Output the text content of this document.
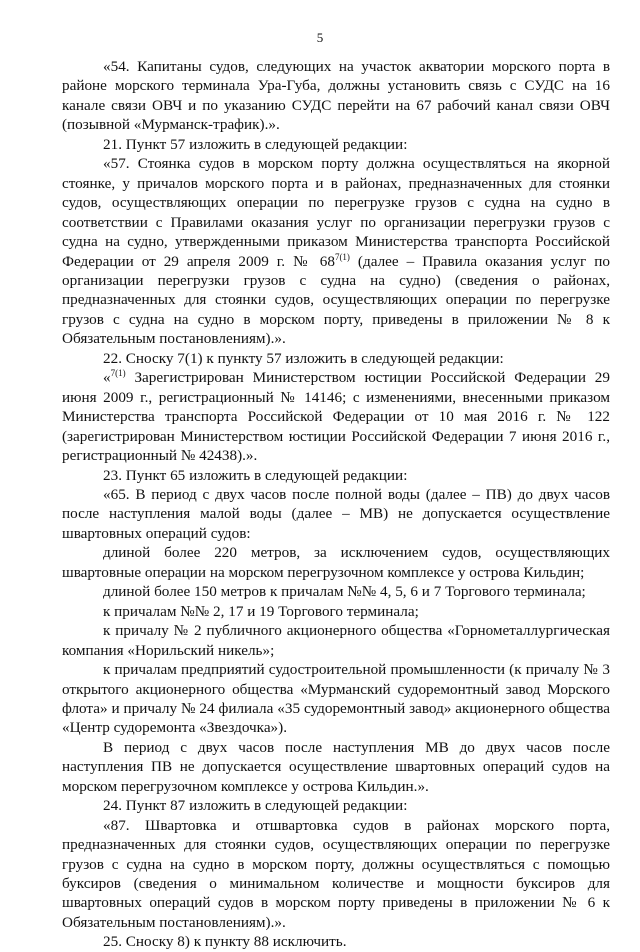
5

«54. Капитаны судов, следующих на участок акватории морского порта в районе морского терминала Ура-Губа, должны установить связь с СУДС на 16 канале связи ОВЧ и по указанию СУДС перейти на 67 рабочий канал связи ОВЧ (позывной «Мурманск-трафик).».

21. Пункт 57 изложить в следующей редакции:

«57. Стоянка судов в морском порту должна осуществляться на якорной стоянке, у причалов морского порта и в районах, предназначенных для стоянки судов, осуществляющих операции по перегрузке грузов с судна на судно в соответствии с Правилами оказания услуг по организации перегрузки грузов с судна на судно, утвержденными приказом Министерства транспорта Российской Федерации от 29 апреля 2009 г. № $68^{7(1)}$ (далее – Правила оказания услуг по организации перегрузки грузов с судна на судно) (сведения о районах, предназначенных для стоянки судов, осуществляющих операции по перегрузке грузов с судна на судно в морском порту, приведены в приложении № 8 к Обязательным постановлениям).».

22. Сноску 7(1) к пункту 57 изложить в следующей редакции:

«$^{7(1)}$ Зарегистрирован Министерством юстиции Российской Федерации 29 июня 2009 г., регистрационный № 14146; с изменениями, внесенными приказом Министерства транспорта Российской Федерации от 10 мая 2016 г. № 122 (зарегистрирован Министерством юстиции Российской Федерации 7 июня 2016 г., регистрационный № 42438).».

23. Пункт 65 изложить в следующей редакции:

«65. В период с двух часов после полной воды (далее – ПВ) до двух часов после наступления малой воды (далее – МВ) не допускается осуществление швартовных операций судов:

длиной более 220 метров, за исключением судов, осуществляющих швартовные операции на морском перегрузочном комплексе у острова Кильдин;

длиной более 150 метров к причалам №№ 4, 5, 6 и 7 Торгового терминала;

к причалам №№ 2, 17 и 19 Торгового терминала;

к причалу № 2 публичного акционерного общества «Горнометаллургическая компания «Норильский никель»;

к причалам предприятий судостроительной промышленности (к причалу № 3 открытого акционерного общества «Мурманский судоремонтный завод Морского флота» и причалу № 24 филиала «35 судоремонтный завод» акционерного общества «Центр судоремонта «Звездочка»).

В период с двух часов после наступления МВ до двух часов после наступления ПВ не допускается осуществление швартовных операций судов на морском перегрузочном комплексе у острова Кильдин.».

24. Пункт 87 изложить в следующей редакции:

«87. Швартовка и отшвартовка судов в районах морского порта, предназначенных для стоянки судов, осуществляющих операции по перегрузке грузов с судна на судно в морском порту, должны осуществляться с помощью буксиров (сведения о минимальном количестве и мощности буксиров для швартовных операций судов в морском порту приведены в приложении № 6 к Обязательным постановлениям).».

25. Сноску 8) к пункту 88 исключить.
